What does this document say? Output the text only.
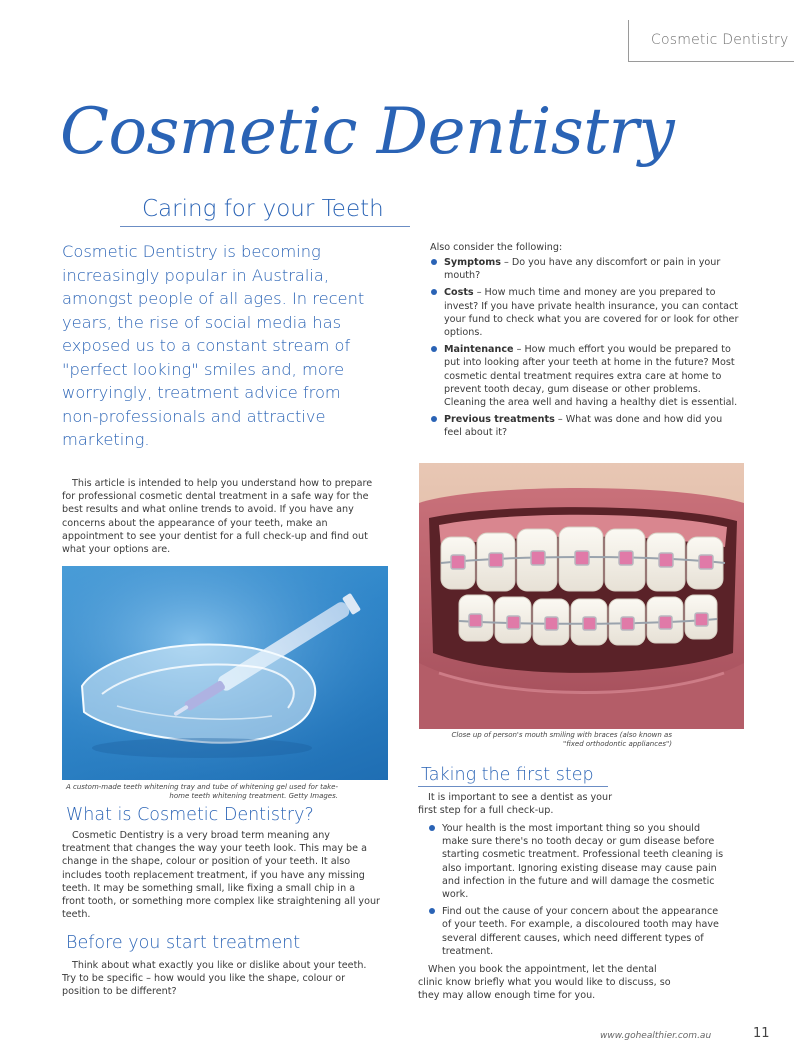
Cosmetic Dentistry
Cosmetic Dentistry
Caring for your Teeth
Cosmetic Dentistry is becoming increasingly popular in Australia, amongst people of all ages. In recent years, the rise of social media has exposed us to a constant stream of "perfect looking" smiles and, more worryingly, treatment advice from non-professionals and attractive marketing.
This article is intended to help you understand how to prepare for professional cosmetic dental treatment in a safe way for the best results and what online trends to avoid. If you have any concerns about the appearance of your teeth, make an appointment to see your dentist for a full check-up and find out what your options are.
A custom-made teeth whitening tray and tube of whitening gel used for take-home teeth whitening treatment. Getty Images.
What is Cosmetic Dentistry?
Cosmetic Dentistry is a very broad term meaning any treatment that changes the way your teeth look. This may be a change in the shape, colour or position of your teeth. It also includes tooth replacement treatment, if you have any missing teeth. It may be something small, like fixing a small chip in a front tooth, or something more complex like straightening all your teeth.
Before you start treatment
Think about what exactly you like or dislike about your teeth. Try to be specific – how would you like the shape, colour or position to be different?
Also consider the following:
Symptoms – Do you have any discomfort or pain in your mouth?
Costs – How much time and money are you prepared to invest? If you have private health insurance, you can contact your fund to check what you are covered for or look for other options.
Maintenance – How much effort you would be prepared to put into looking after your teeth at home in the future? Most cosmetic dental treatment requires extra care at home to prevent tooth decay, gum disease or other problems. Cleaning the area well and having a healthy diet is essential.
Previous treatments – What was done and how did you feel about it?
Close up of person's mouth smiling with braces (also known as "fixed orthodontic appliances")
Taking the first step
It is important to see a dentist as your first step for a full check-up.
Your health is the most important thing so you should make sure there's no tooth decay or gum disease before starting cosmetic treatment. Professional teeth cleaning is also important. Ignoring existing disease may cause pain and infection in the future and will damage the cosmetic work.
Find out the cause of your concern about the appearance of your teeth. For example, a discoloured tooth may have several different causes, which need different types of treatment.
When you book the appointment, let the dental clinic know briefly what you would like to discuss, so they may allow enough time for you.
www.gohealthier.com.au	11
